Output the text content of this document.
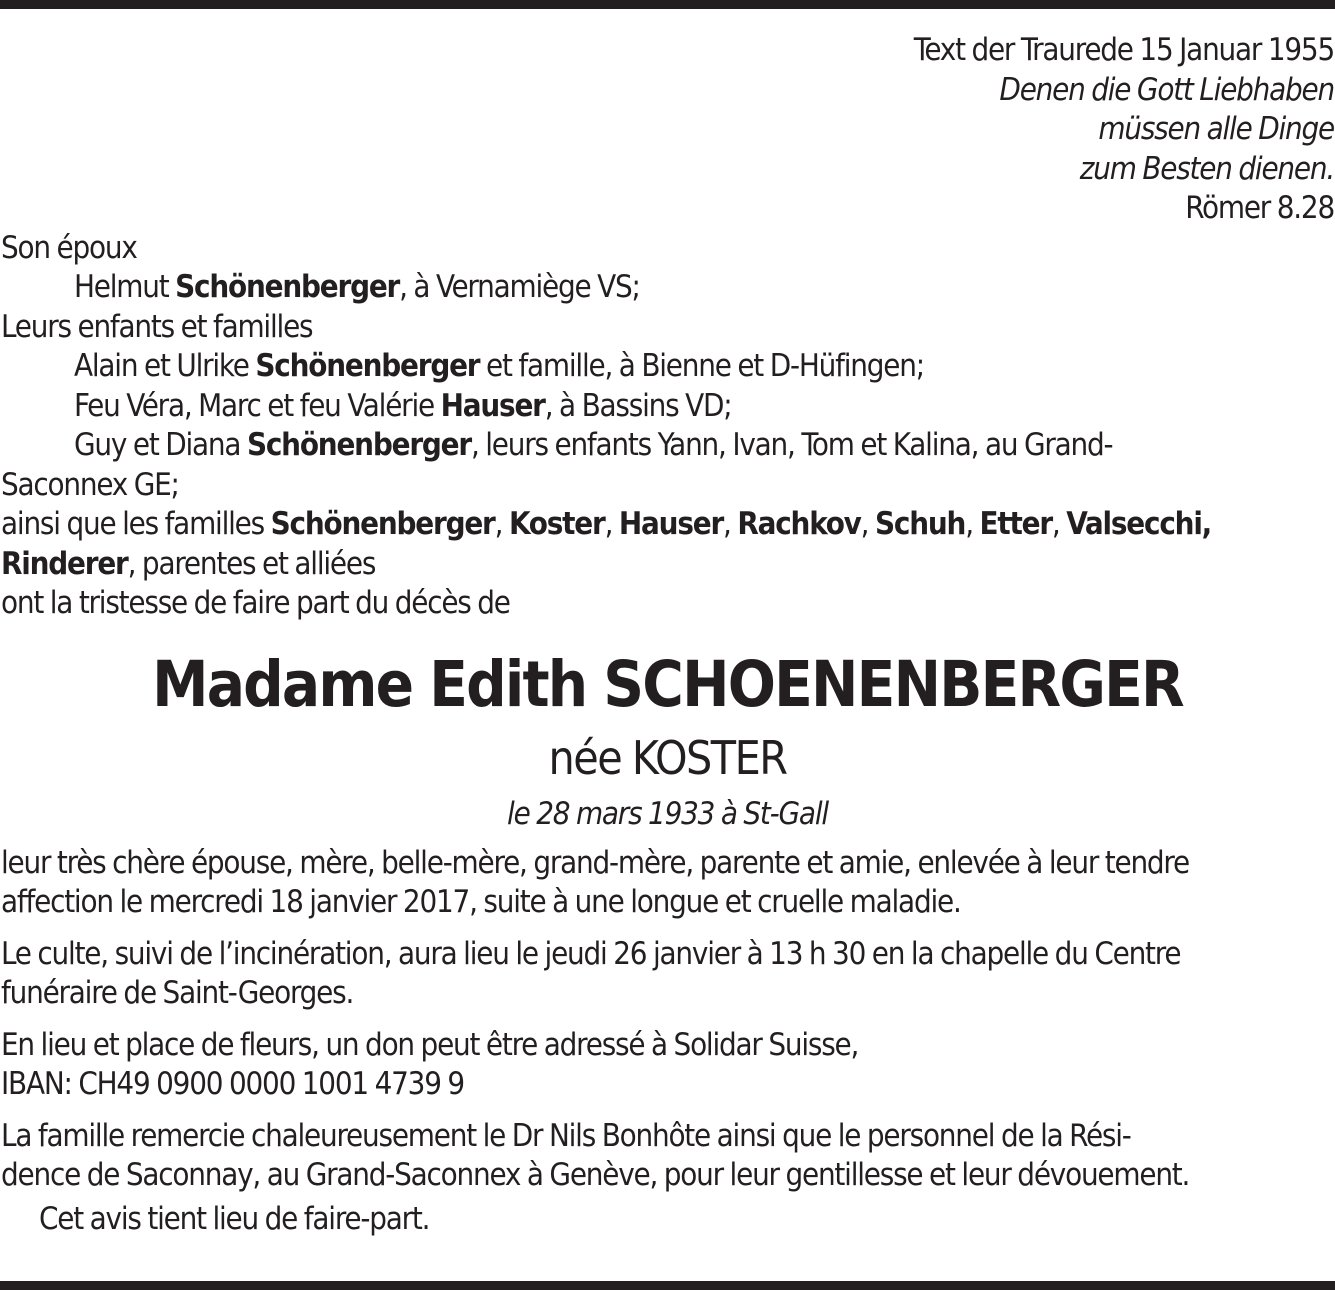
Text der Traurede 15 Januar 1955
Denen die Gott Liebhaben
müssen alle Dinge
zum Besten dienen.
Römer 8.28
Son époux
Helmut Schönenberger, à Vernamiège VS;
Leurs enfants et familles
Alain et Ulrike Schönenberger et famille, à Bienne et D-Hüfingen;
Feu Véra, Marc et feu Valérie Hauser, à Bassins VD;
Guy et Diana Schönenberger, leurs enfants Yann, Ivan, Tom et Kalina, au Grand-
Saconnex GE;
ainsi que les familles Schönenberger, Koster, Hauser, Rachkov, Schuh, Etter, Valsecchi,
Rinderer, parentes et alliées
ont la tristesse de faire part du décès de
Madame Edith SCHOENENBERGER
née KOSTER
le 28 mars 1933 à St-Gall
leur très chère épouse, mère, belle-mère, grand-mère, parente et amie, enlevée à leur tendre
affection le mercredi 18 janvier 2017, suite à une longue et cruelle maladie.
Le culte, suivi de l’incinération, aura lieu le jeudi 26 janvier à 13 h 30 en la chapelle du Centre
funéraire de Saint-Georges.
En lieu et place de fleurs, un don peut être adressé à Solidar Suisse,
IBAN: CH49 0900 0000 1001 4739 9
La famille remercie chaleureusement le Dr Nils Bonhôte ainsi que le personnel de la Rési-
dence de Saconnay, au Grand-Saconnex à Genève, pour leur gentillesse et leur dévouement.
Cet avis tient lieu de faire-part.
